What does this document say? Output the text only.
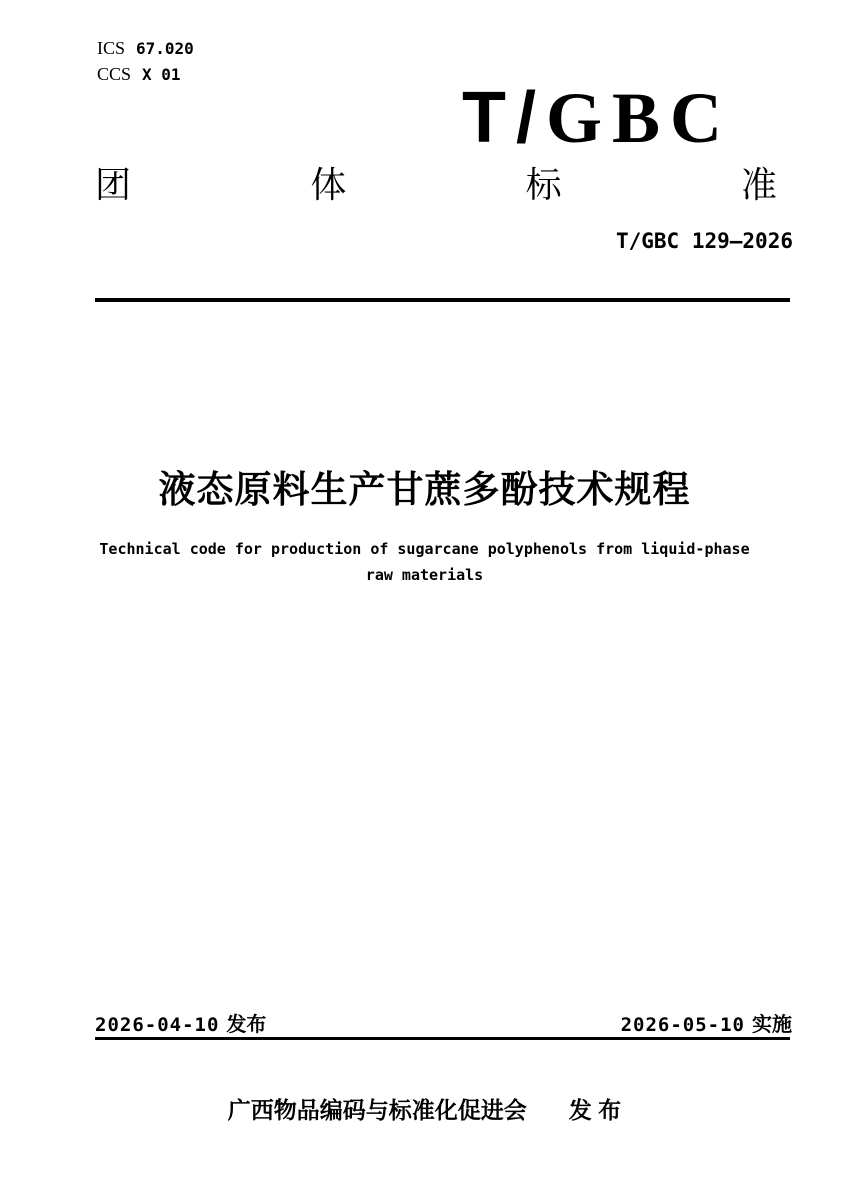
ICS 67.020
CCS X 01
T/GBC
团	体	标	准
T/GBC 129—2026
液态原料生产甘蔗多酚技术规程
Technical code for production of sugarcane polyphenols from liquid-phase
raw materials
2026-04-10 发布	2026-05-10 实施
广西物品编码与标准化促进会 发 布
